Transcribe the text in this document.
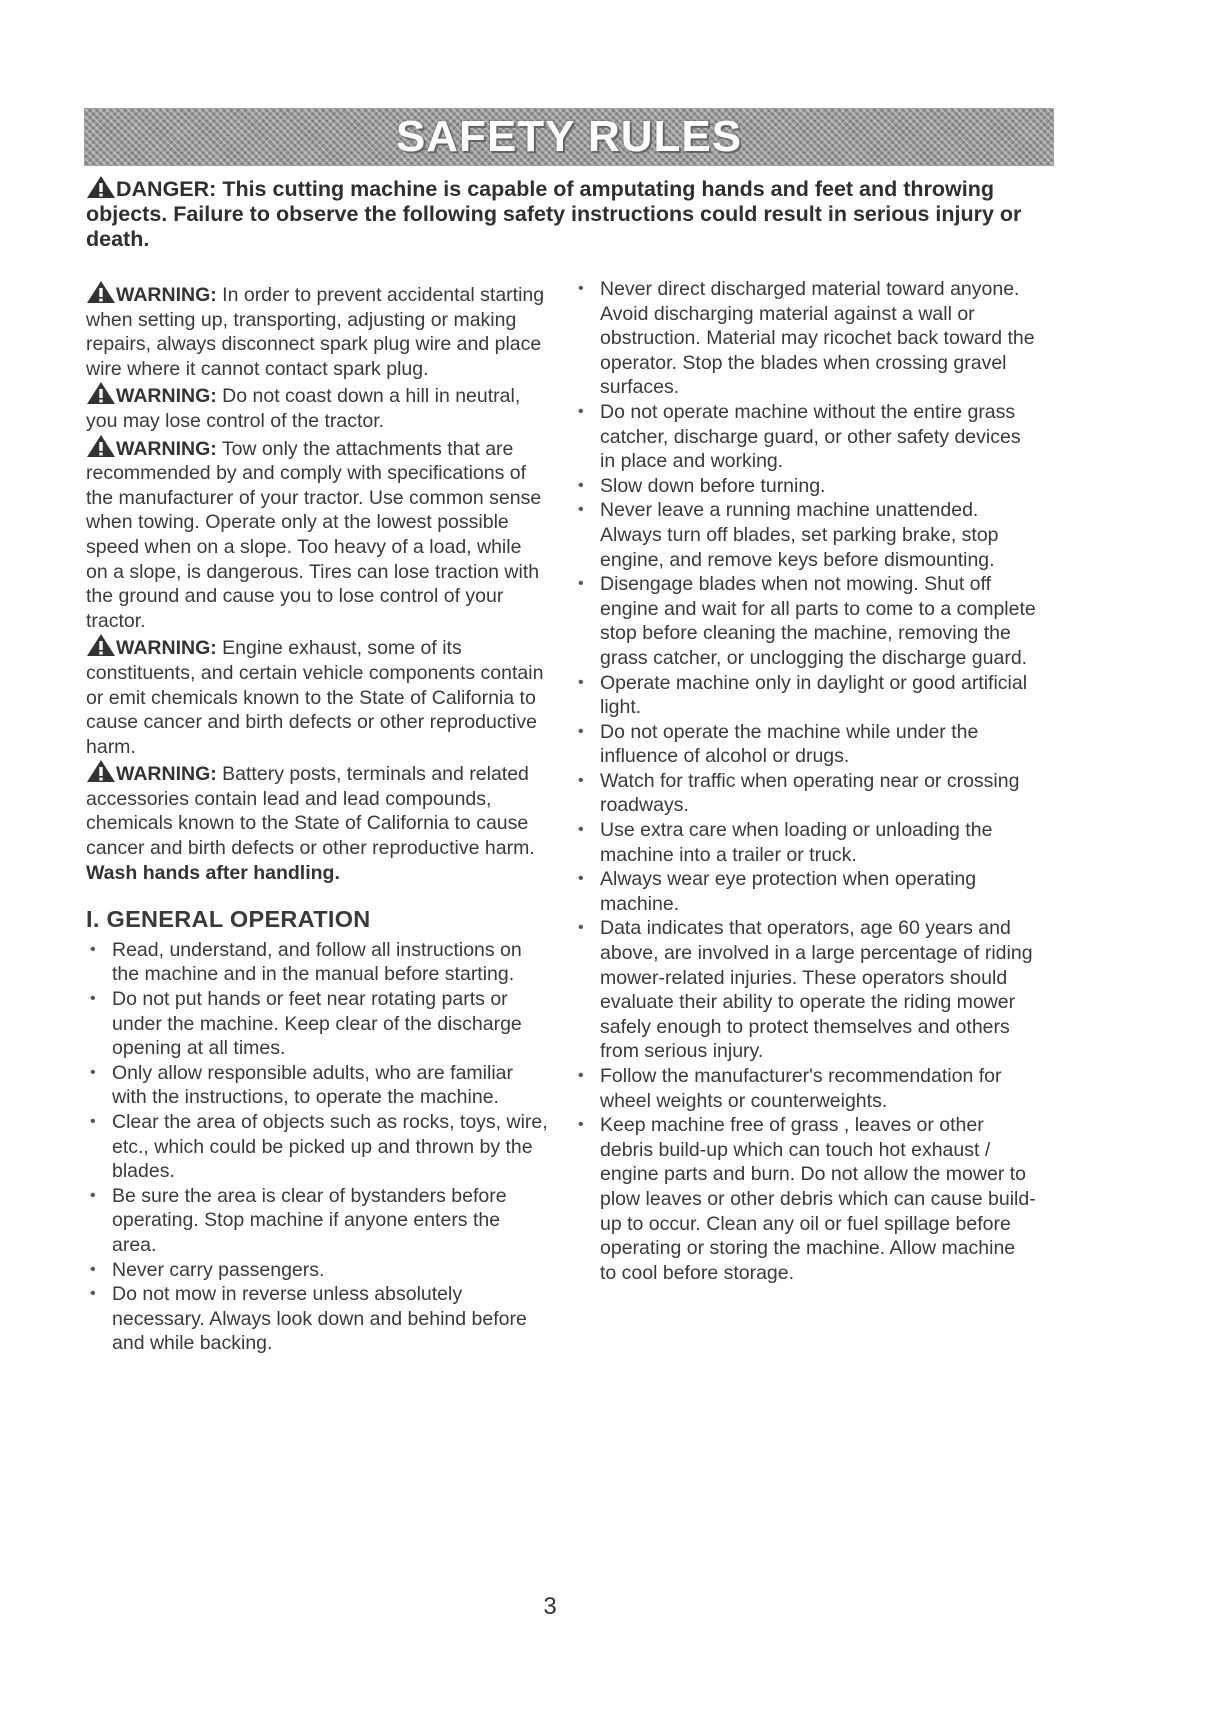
SAFETY RULES

DANGER: This cutting machine is capable of amputating hands and feet and throwing objects. Failure to observe the following safety instructions could result in serious injury or death.

WARNING: In order to prevent accidental starting when setting up, transporting, adjusting or making repairs, always disconnect spark plug wire and place wire where it cannot contact spark plug.

WARNING: Do not coast down a hill in neutral, you may lose control of the tractor.

WARNING: Tow only the attachments that are recommended by and comply with specifications of the manufacturer of your tractor. Use common sense when towing. Operate only at the lowest possible speed when on a slope. Too heavy of a load, while on a slope, is dangerous. Tires can lose traction with the ground and cause you to lose control of your tractor.

WARNING: Engine exhaust, some of its constituents, and certain vehicle components contain or emit chemicals known to the State of California to cause cancer and birth defects or other reproductive harm.

WARNING: Battery posts, terminals and related accessories contain lead and lead compounds, chemicals known to the State of California to cause cancer and birth defects or other reproductive harm. Wash hands after handling.

I. GENERAL OPERATION
• Read, understand, and follow all instructions on the machine and in the manual before starting.
• Do not put hands or feet near rotating parts or under the machine. Keep clear of the discharge opening at all times.
• Only allow responsible adults, who are familiar with the instructions, to operate the machine.
• Clear the area of objects such as rocks, toys, wire, etc., which could be picked up and thrown by the blades.
• Be sure the area is clear of bystanders before operating. Stop machine if anyone enters the area.
• Never carry passengers.
• Do not mow in reverse unless absolutely necessary. Always look down and behind before and while backing.
• Never direct discharged material toward anyone. Avoid discharging material against a wall or obstruction. Material may ricochet back toward the operator. Stop the blades when crossing gravel surfaces.
• Do not operate machine without the entire grass catcher, discharge guard, or other safety devices in place and working.
• Slow down before turning.
• Never leave a running machine unattended. Always turn off blades, set parking brake, stop engine, and remove keys before dismounting.
• Disengage blades when not mowing. Shut off engine and wait for all parts to come to a complete stop before cleaning the machine, removing the grass catcher, or unclogging the discharge guard.
• Operate machine only in daylight or good artificial light.
• Do not operate the machine while under the influence of alcohol or drugs.
• Watch for traffic when operating near or crossing roadways.
• Use extra care when loading or unloading the machine into a trailer or truck.
• Always wear eye protection when operating machine.
• Data indicates that operators, age 60 years and above, are involved in a large percentage of riding mower-related injuries. These operators should evaluate their ability to operate the riding mower safely enough to protect themselves and others from serious injury.
• Follow the manufacturer's recommendation for wheel weights or counterweights.
• Keep machine free of grass , leaves or other debris build-up which can touch hot exhaust / engine parts and burn. Do not allow the mower to plow leaves or other debris which can cause build-up to occur. Clean any oil or fuel spillage before operating or storing the machine. Allow machine to cool before storage.
3
